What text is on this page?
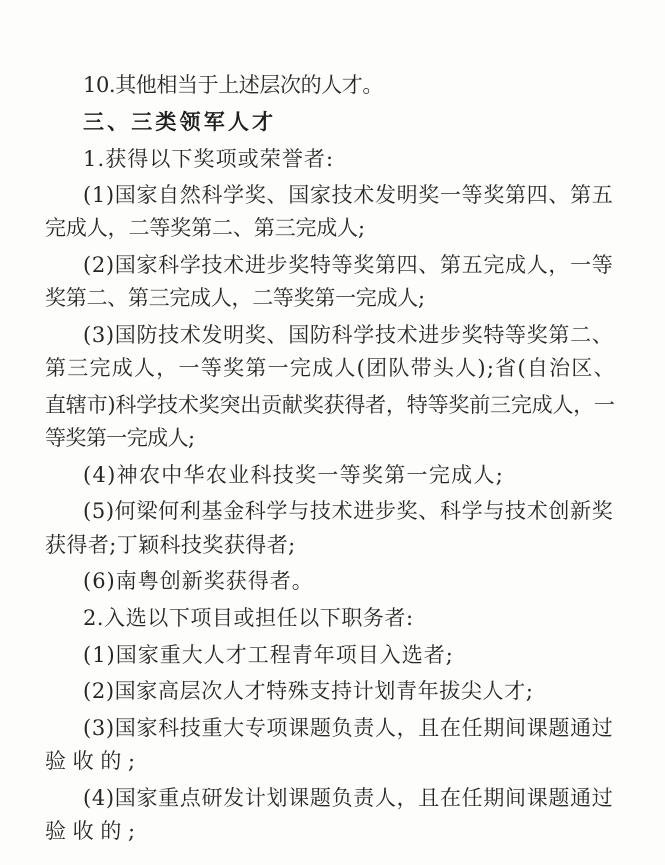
10.其他相当于上述层次的人才。
三、三类领军人才
1.获得以下奖项或荣誉者:
(1)国家自然科学奖、国家技术发明奖一等奖第四、第五
完成人，二等奖第二、第三完成人;
(2)国家科学技术进步奖特等奖第四、第五完成人，一等
奖第二、第三完成人，二等奖第一完成人;
(3)国防技术发明奖、国防科学技术进步奖特等奖第二、
第三完成人，一等奖第一完成人(团队带头人);省(自治区、
直辖市)科学技术奖突出贡献奖获得者，特等奖前三完成人，一
等奖第一完成人;
(4)神农中华农业科技奖一等奖第一完成人;
(5)何梁何利基金科学与技术进步奖、科学与技术创新奖
获得者;丁颖科技奖获得者;
(6)南粤创新奖获得者。
2.入选以下项目或担任以下职务者:
(1)国家重大人才工程青年项目入选者;
(2)国家高层次人才特殊支持计划青年拔尖人才;
(3)国家科技重大专项课题负责人，且在任期间课题通过
验收的;
(4)国家重点研发计划课题负责人，且在任期间课题通过
验收的;
